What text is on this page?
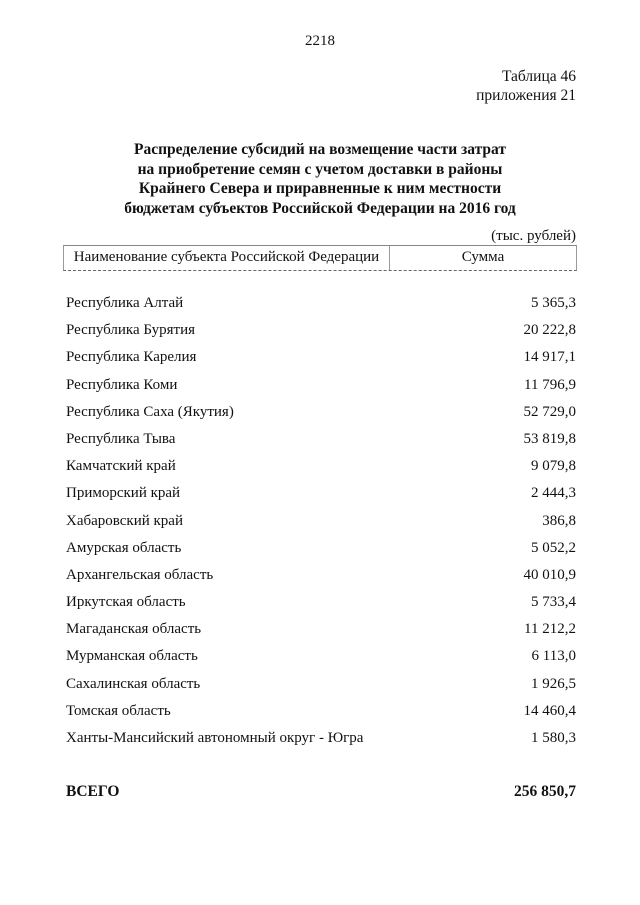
2218
Таблица 46
приложения 21
Распределение субсидий на возмещение части затрат
на приобретение семян с учетом доставки в районы
Крайнего Севера и приравненные к ним местности
бюджетам субъектов Российской Федерации на 2016 год
(тыс. рублей)
Наименование субъекта Российской Федерации	Сумма
Республика Алтай	5 365,3
Республика Бурятия	20 222,8
Республика Карелия	14 917,1
Республика Коми	11 796,9
Республика Саха (Якутия)	52 729,0
Республика Тыва	53 819,8
Камчатский край	9 079,8
Приморский край	2 444,3
Хабаровский край	386,8
Амурская область	5 052,2
Архангельская область	40 010,9
Иркутская область	5 733,4
Магаданская область	11 212,2
Мурманская область	6 113,0
Сахалинская область	1 926,5
Томская область	14 460,4
Ханты-Мансийский автономный округ - Югра	1 580,3
ВСЕГО	256 850,7
